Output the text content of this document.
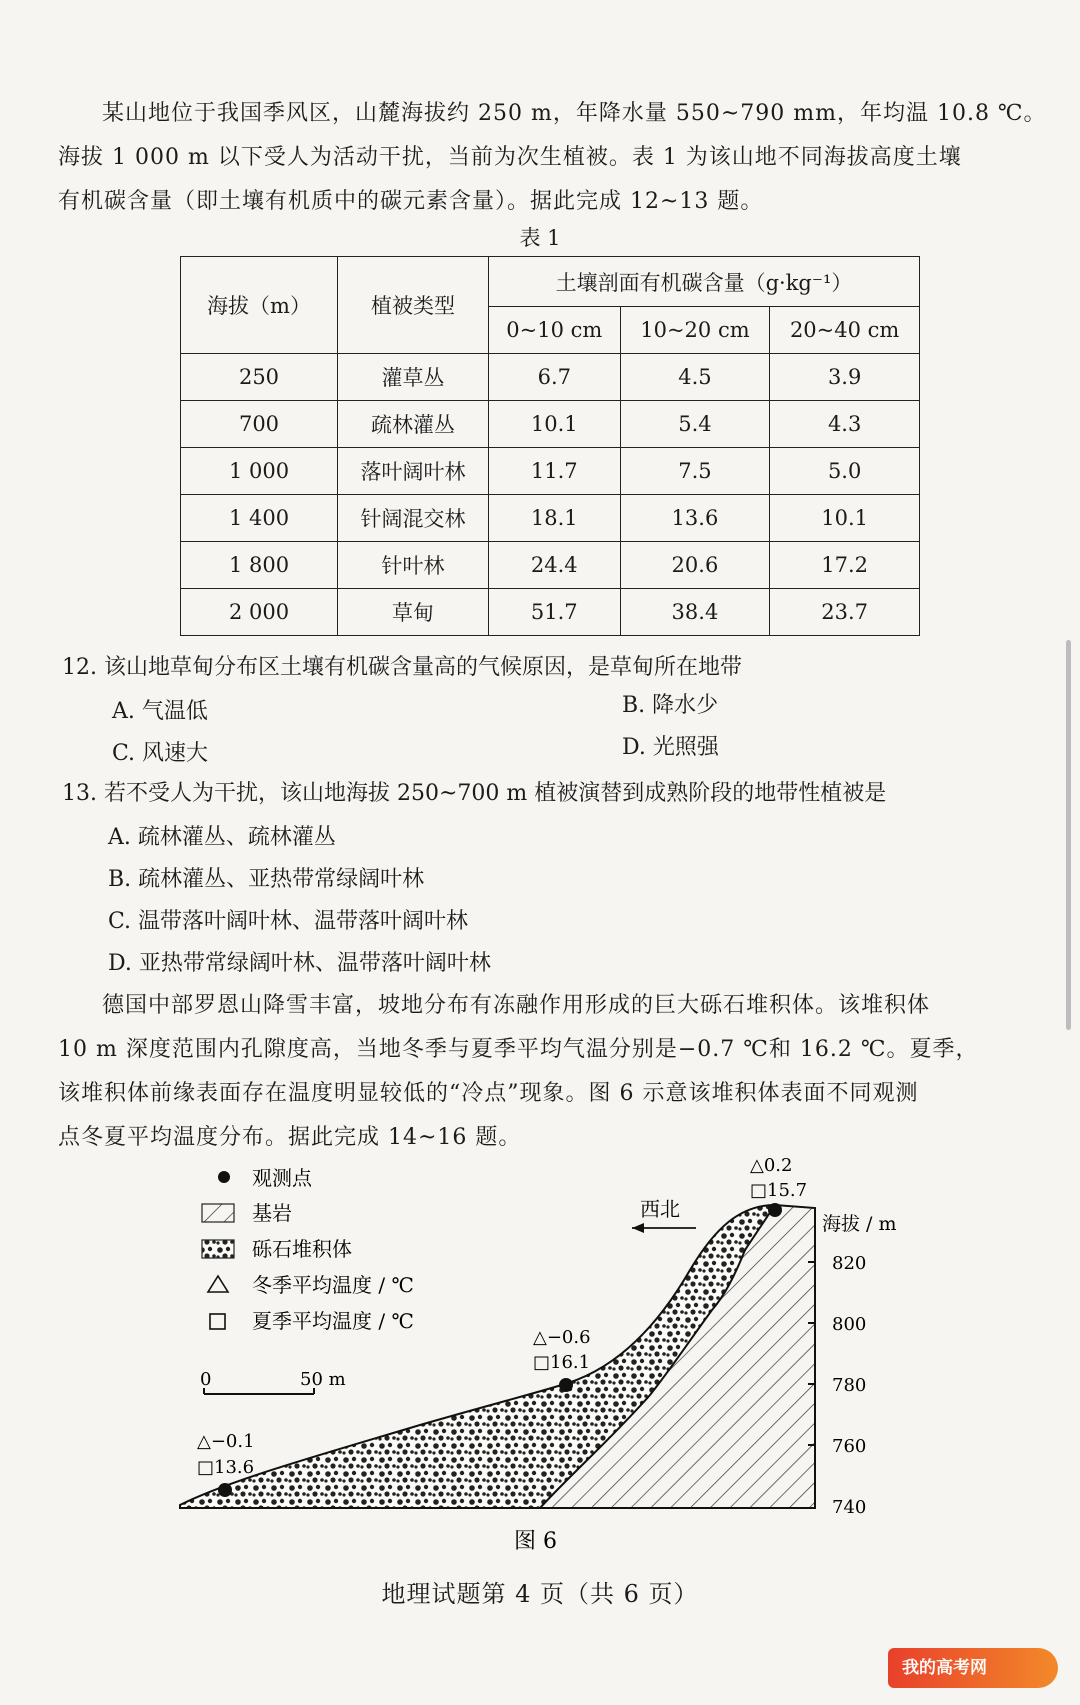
某山地位于我国季风区，山麓海拔约 250 m，年降水量 550~790 mm，年均温 10.8 ℃。
海拔 1 000 m 以下受人为活动干扰，当前为次生植被。表 1 为该山地不同海拔高度土壤
有机碳含量（即土壤有机质中的碳元素含量）。据此完成 12~13 题。
表 1
海拔（m）	植被类型	土壤剖面有机碳含量（g·kg⁻¹）		
		0~10 cm	10~20 cm	20~40 cm
250	灌草丛	6.7	4.5	3.9
700	疏林灌丛	10.1	5.4	4.3
1 000	落叶阔叶林	11.7	7.5	5.0
1 400	针阔混交林	18.1	13.6	10.1
1 800	针叶林	24.4	20.6	17.2
2 000	草甸	51.7	38.4	23.7
12. 该山地草甸分布区土壤有机碳含量高的气候原因，是草甸所在地带
A. 气温低	B. 降水少
C. 风速大	D. 光照强
13. 若不受人为干扰，该山地海拔 250~700 m 植被演替到成熟阶段的地带性植被是
A. 疏林灌丛、疏林灌丛
B. 疏林灌丛、亚热带常绿阔叶林
C. 温带落叶阔叶林、温带落叶阔叶林
D. 亚热带常绿阔叶林、温带落叶阔叶林
德国中部罗恩山降雪丰富，坡地分布有冻融作用形成的巨大砾石堆积体。该堆积体
10 m 深度范围内孔隙度高，当地冬季与夏季平均气温分别是−0.7 ℃和 16.2 ℃。夏季，
该堆积体前缘表面存在温度明显较低的“冷点”现象。图 6 示意该堆积体表面不同观测
点冬夏平均温度分布。据此完成 14~16 题。
观测点
基岩
砾石堆积体
冬季平均温度 / ℃
夏季平均温度 / ℃
0	50 m
西北
海拔 / m
820
800
780
760
740
△0.2
□15.7
△−0.6
□16.1
△−0.1
□13.6
图 6
地理试题第 4 页（共 6 页）
我的高考网
